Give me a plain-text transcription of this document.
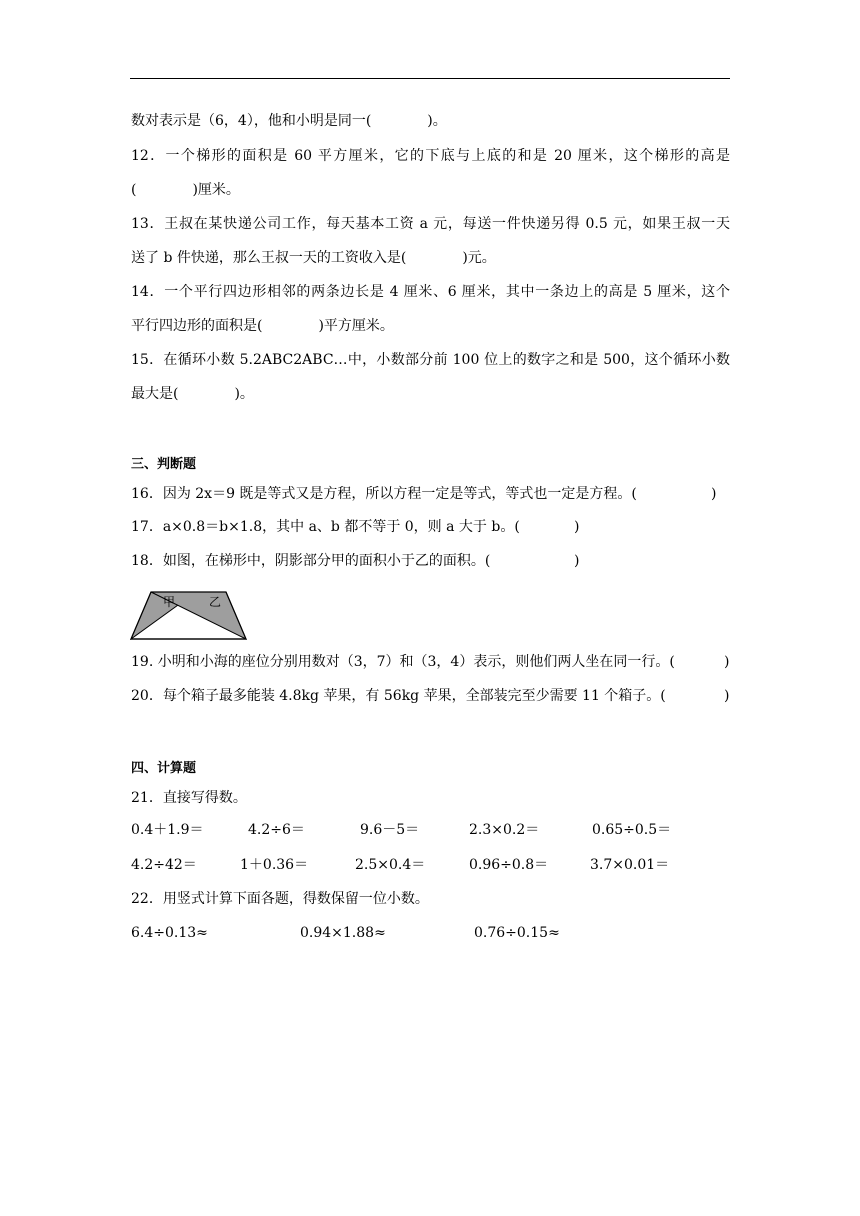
数对表示是（6，4），他和小明是同一(　　　　)。
12．一个梯形的面积是 60 平方厘米，它的下底与上底的和是 20 厘米，这个梯形的高是
(　　　　)厘米。
13．王叔在某快递公司工作，每天基本工资 a 元，每送一件快递另得 0.5 元，如果王叔一天
送了 b 件快递，那么王叔一天的工资收入是(　　　　)元。
14．一个平行四边形相邻的两条边长是 4 厘米、6 厘米，其中一条边上的高是 5 厘米，这个
平行四边形的面积是(　　　　)平方厘米。
15．在循环小数 5.2ABC2ABC…中，小数部分前 100 位上的数字之和是 500，这个循环小数
最大是(　　　　)。
三、判断题
16．因为 2x＝9 既是等式又是方程，所以方程一定是等式，等式也一定是方程。(	)
17．a×0.8＝b×1.8，其中 a、b 都不等于 0，则 a 大于 b。(	)
18．如图，在梯形中，阴影部分甲的面积小于乙的面积。(	)
甲	乙
19. 小明和小海的座位分别用数对（3，7）和（3，4）表示，则他们两人坐在同一行。(	)
20．每个箱子最多能装 4.8kg 苹果，有 56kg 苹果，全部装完至少需要 11 个箱子。(	)
四、计算题
21．直接写得数。
0.4＋1.9＝	4.2÷6＝	9.6－5＝	2.3×0.2＝	0.65÷0.5＝
4.2÷42＝	1＋0.36＝	2.5×0.4＝	0.96÷0.8＝	3.7×0.01＝
22．用竖式计算下面各题，得数保留一位小数。
6.4÷0.13≈	0.94×1.88≈	0.76÷0.15≈
